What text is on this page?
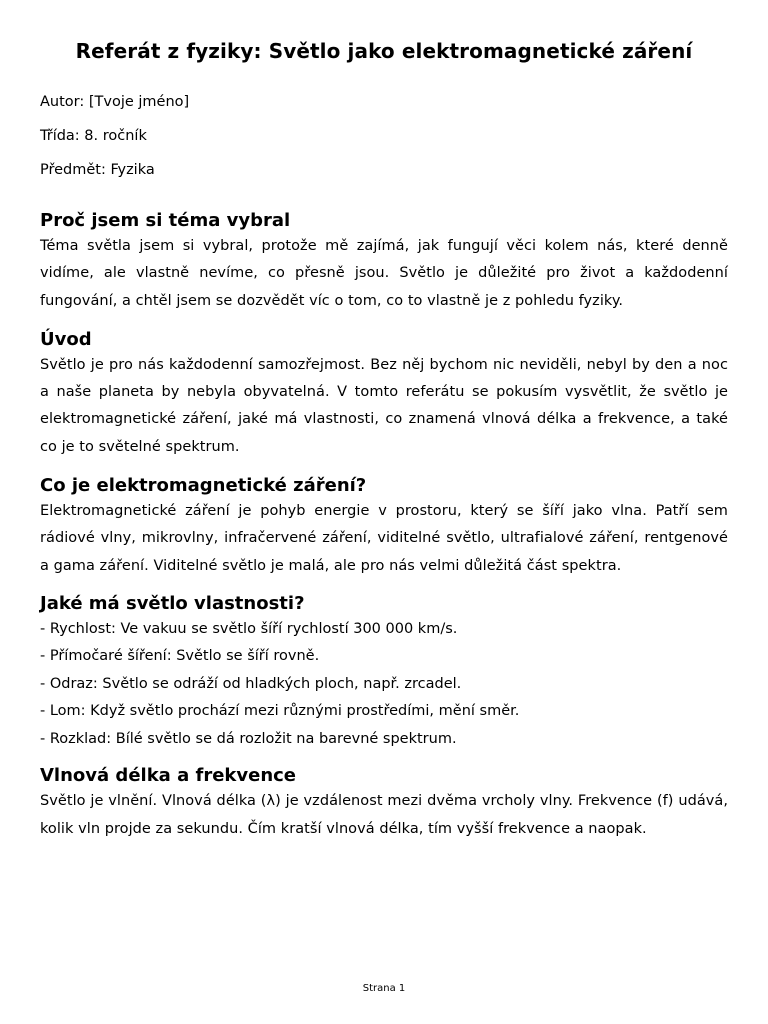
Referát z fyziky: Světlo jako elektromagnetické záření

Autor: [Tvoje jméno]

Třída: 8. ročník

Předmět: Fyzika

Proč jsem si téma vybral

Téma světla jsem si vybral, protože mě zajímá, jak fungují věci kolem nás, které denně vidíme, ale vlastně nevíme, co přesně jsou. Světlo je důležité pro život a každodenní fungování, a chtěl jsem se dozvědět víc o tom, co to vlastně je z pohledu fyziky.

Úvod

Světlo je pro nás každodenní samozřejmost. Bez něj bychom nic neviděli, nebyl by den a noc a naše planeta by nebyla obyvatelná. V tomto referátu se pokusím vysvětlit, že světlo je elektromagnetické záření, jaké má vlastnosti, co znamená vlnová délka a frekvence, a také co je to světelné spektrum.

Co je elektromagnetické záření?

Elektromagnetické záření je pohyb energie v prostoru, který se šíří jako vlna. Patří sem rádiové vlny, mikrovlny, infračervené záření, viditelné světlo, ultrafialové záření, rentgenové a gama záření. Viditelné světlo je malá, ale pro nás velmi důležitá část spektra.

Jaké má světlo vlastnosti?
- Rychlost: Ve vakuu se světlo šíří rychlostí 300 000 km/s.
- Přímočaré šíření: Světlo se šíří rovně.
- Odraz: Světlo se odráží od hladkých ploch, např. zrcadel.
- Lom: Když světlo prochází mezi různými prostředími, mění směr.
- Rozklad: Bílé světlo se dá rozložit na barevné spektrum.
Vlnová délka a frekvence

Světlo je vlnění. Vlnová délka (λ) je vzdálenost mezi dvěma vrcholy vlny. Frekvence (f) udává, kolik vln projde za sekundu. Čím kratší vlnová délka, tím vyšší frekvence a naopak.

Strana 1
